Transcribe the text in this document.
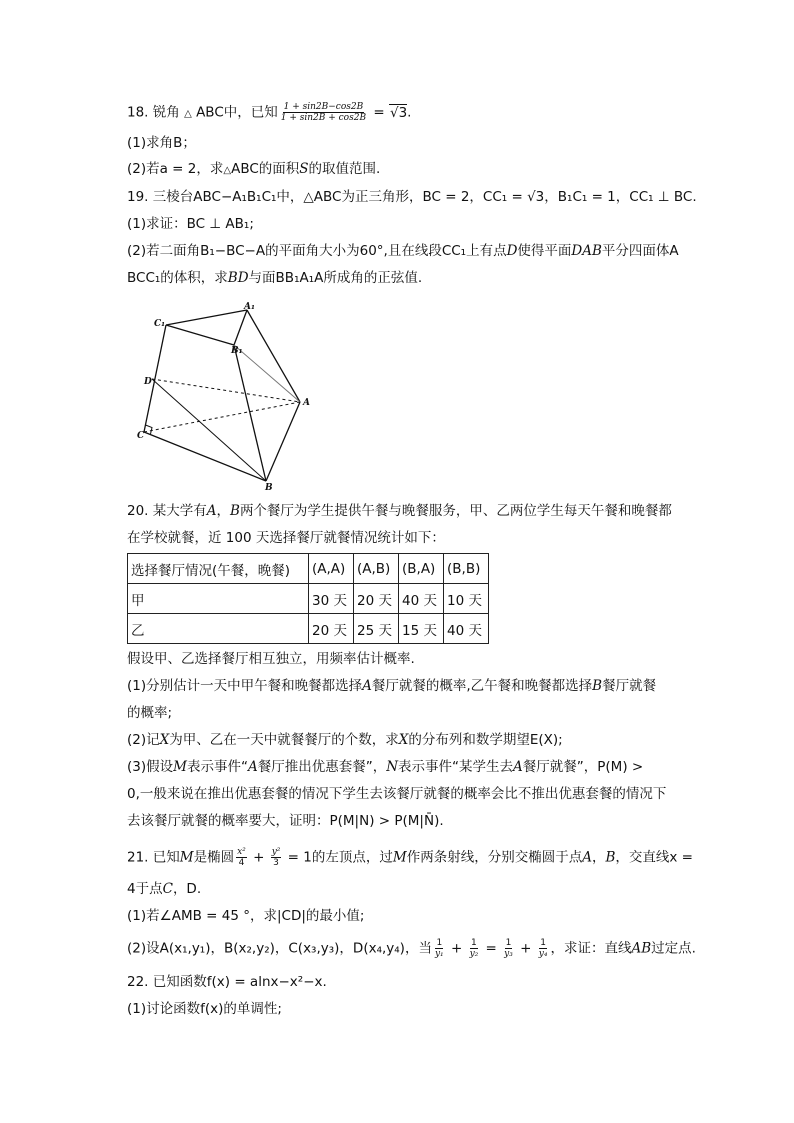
18. 锐角 △ ABC中，已知 $\frac{1 + \sin 2B-\cos 2B}{1 + \sin 2B + \cos 2B} = √3$.
(1)求角B；
(2)若a = 2，求△ABC的面积S的取值范围.
19. 三棱台ABC−A₁B₁C₁中，△ABC为正三角形，BC = 2，CC₁ = √3，B₁C₁ = 1，CC₁ ⊥ BC.
(1)求证：BC ⊥ AB₁;
(2)若二面角B₁−BC−A的平面角大小为60°,且在线段CC₁上有点D使得平面DAB平分四面体A
BCC₁的体积，求BD与面BB₁A₁A所成角的正弦值.
A₁
C₁
B₁
D
A
C
B
20. 某大学有A，B两个餐厅为学生提供午餐与晚餐服务，甲、乙两位学生每天午餐和晚餐都
在学校就餐，近 100 天选择餐厅就餐情况统计如下：
选择餐厅情况(午餐，晚餐)	(A,A)	(A,B)	(B,A)	(B,B)
甲	30 天	20 天	40 天	10 天
乙	20 天	25 天	15 天	40 天
假设甲、乙选择餐厅相互独立，用频率估计概率.
(1)分别估计一天中甲午餐和晚餐都选择A餐厅就餐的概率,乙午餐和晚餐都选择B餐厅就餐
的概率;
(2)记X为甲、乙在一天中就餐餐厅的个数，求X的分布列和数学期望E(X);
(3)假设M表示事件“A餐厅推出优惠套餐”，N表示事件“某学生去A餐厅就餐”，P(M) >
0,一般来说在推出优惠套餐的情况下学生去该餐厅就餐的概率会比不推出优惠套餐的情况下
去该餐厅就餐的概率要大，证明：P(M|N) > P(M|N̄).
21. 已知M是椭圆 $\frac{\text{x²}}{4} + \frac{\text{y²}}{3} = 1$的左顶点，过M作两条射线，分别交椭圆于点A，B，交直线x =
4于点C，D.
(1)若∠AMB = 45 °，求|CD|的最小值;
(2)设A(x₁,y₁)，B(x₂,y₂)，C(x₃,y₃)，D(x₄,y₄)，当 $\frac{1}{\text{y₁}} + \frac{1}{\text{y₂}} = \frac{1}{\text{y₃}} + \frac{1}{\text{y₄}}$ ，求证：直线AB过定点.
22. 已知函数f(x) = alnx−x²−x.
(1)讨论函数f(x)的单调性;
